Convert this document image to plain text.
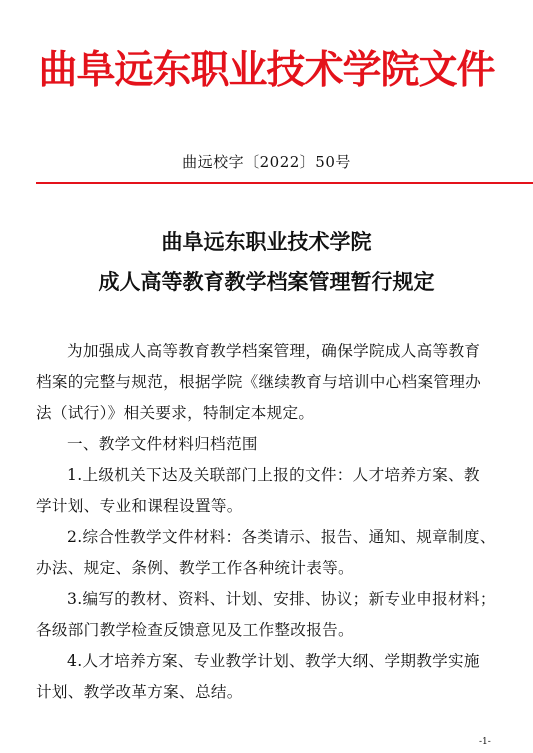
曲阜远东职业技术学院文件
曲远校字〔2022〕50号
曲阜远东职业技术学院
成人高等教育教学档案管理暂行规定
为加强成人高等教育教学档案管理，确保学院成人高等教育
档案的完整与规范，根据学院《继续教育与培训中心档案管理办
法（试行）》相关要求，特制定本规定。
一、教学文件材料归档范围
1.上级机关下达及关联部门上报的文件：人才培养方案、教
学计划、专业和课程设置等。
2.综合性教学文件材料：各类请示、报告、通知、规章制度、
办法、规定、条例、教学工作各种统计表等。
3.编写的教材、资料、计划、安排、协议；新专业申报材料；
各级部门教学检查反馈意见及工作整改报告。
4.人才培养方案、专业教学计划、教学大纲、学期教学实施
计划、教学改革方案、总结。
-1-
